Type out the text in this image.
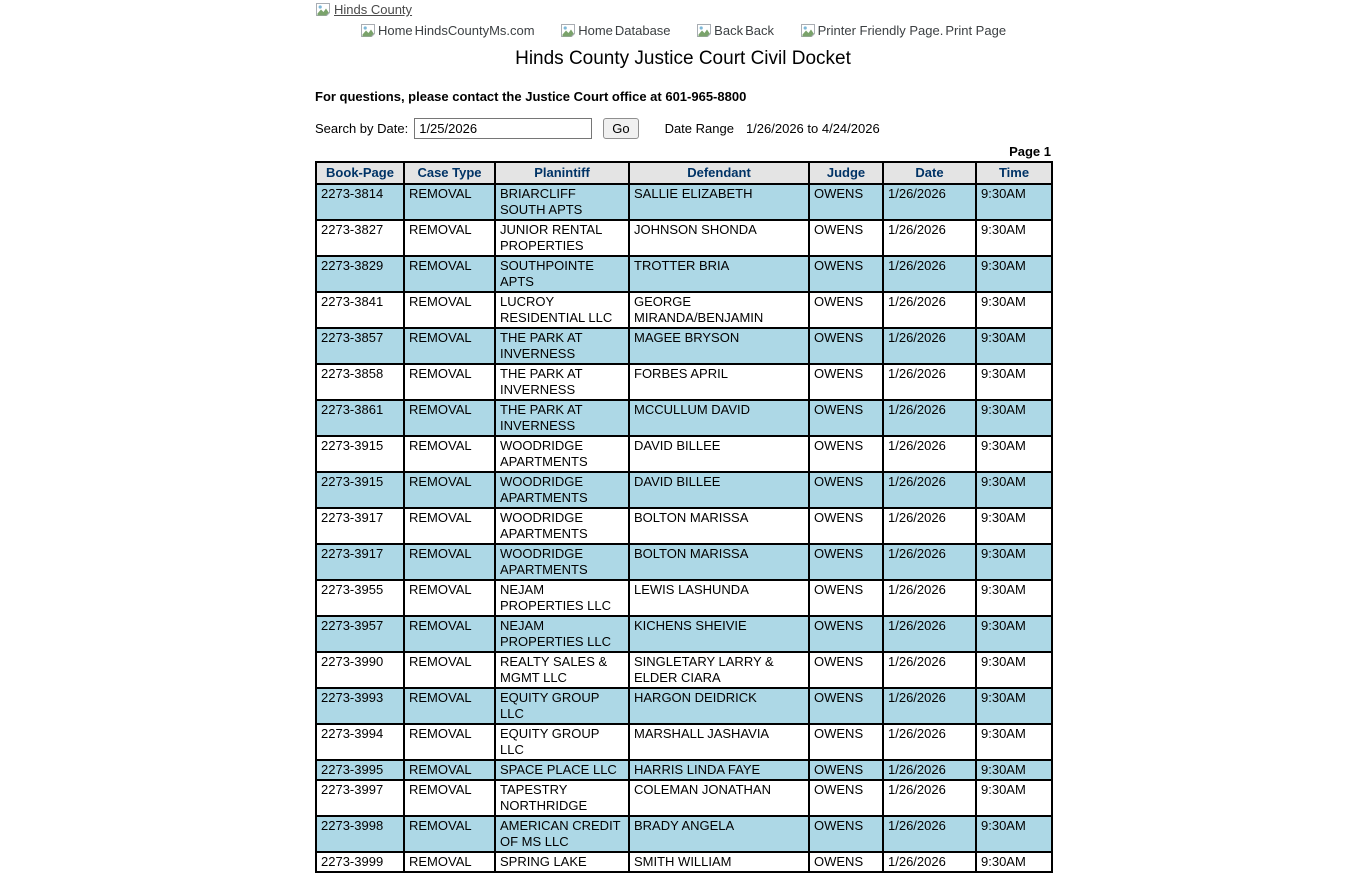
Hinds County
Home HindsCountyMs.com
	Home Database
	Back Back
	Printer Friendly Page. Print Page
Hinds County Justice Court Civil Docket

For questions, please contact the Justice Court office at 601-965-8800

Search by Date:
1/25/2026	Go	Date Range 1/26/2026 to 4/24/2026
Page 1
Book-Page	Case Type	Planintiff	Defendant	Judge	Date	Time
2273-3814	REMOVAL	BRIARCLIFF SOUTH APTS	SALLIE ELIZABETH	OWENS	1/26/2026	9:30AM
2273-3827	REMOVAL	JUNIOR RENTAL PROPERTIES	JOHNSON SHONDA	OWENS	1/26/2026	9:30AM
2273-3829	REMOVAL	SOUTHPOINTE APTS	TROTTER BRIA	OWENS	1/26/2026	9:30AM
2273-3841	REMOVAL	LUCROY RESIDENTIAL LLC	GEORGE MIRANDA/BENJAMIN	OWENS	1/26/2026	9:30AM
2273-3857	REMOVAL	THE PARK AT INVERNESS	MAGEE BRYSON	OWENS	1/26/2026	9:30AM
2273-3858	REMOVAL	THE PARK AT INVERNESS	FORBES APRIL	OWENS	1/26/2026	9:30AM
2273-3861	REMOVAL	THE PARK AT INVERNESS	MCCULLUM DAVID	OWENS	1/26/2026	9:30AM
2273-3915	REMOVAL	WOODRIDGE APARTMENTS	DAVID BILLEE	OWENS	1/26/2026	9:30AM
2273-3915	REMOVAL	WOODRIDGE APARTMENTS	DAVID BILLEE	OWENS	1/26/2026	9:30AM
2273-3917	REMOVAL	WOODRIDGE APARTMENTS	BOLTON MARISSA	OWENS	1/26/2026	9:30AM
2273-3917	REMOVAL	WOODRIDGE APARTMENTS	BOLTON MARISSA	OWENS	1/26/2026	9:30AM
2273-3955	REMOVAL	NEJAM PROPERTIES LLC	LEWIS LASHUNDA	OWENS	1/26/2026	9:30AM
2273-3957	REMOVAL	NEJAM PROPERTIES LLC	KICHENS SHEIVIE	OWENS	1/26/2026	9:30AM
2273-3990	REMOVAL	REALTY SALES & MGMT LLC	SINGLETARY LARRY & ELDER CIARA	OWENS	1/26/2026	9:30AM
2273-3993	REMOVAL	EQUITY GROUP LLC	HARGON DEIDRICK	OWENS	1/26/2026	9:30AM
2273-3994	REMOVAL	EQUITY GROUP LLC	MARSHALL JASHAVIA	OWENS	1/26/2026	9:30AM
2273-3995	REMOVAL	SPACE PLACE LLC	HARRIS LINDA FAYE	OWENS	1/26/2026	9:30AM
2273-3997	REMOVAL	TAPESTRY NORTHRIDGE	COLEMAN JONATHAN	OWENS	1/26/2026	9:30AM
2273-3998	REMOVAL	AMERICAN CREDIT OF MS LLC	BRADY ANGELA	OWENS	1/26/2026	9:30AM
2273-3999	REMOVAL	SPRING LAKE	SMITH WILLIAM	OWENS	1/26/2026	9:30AM
